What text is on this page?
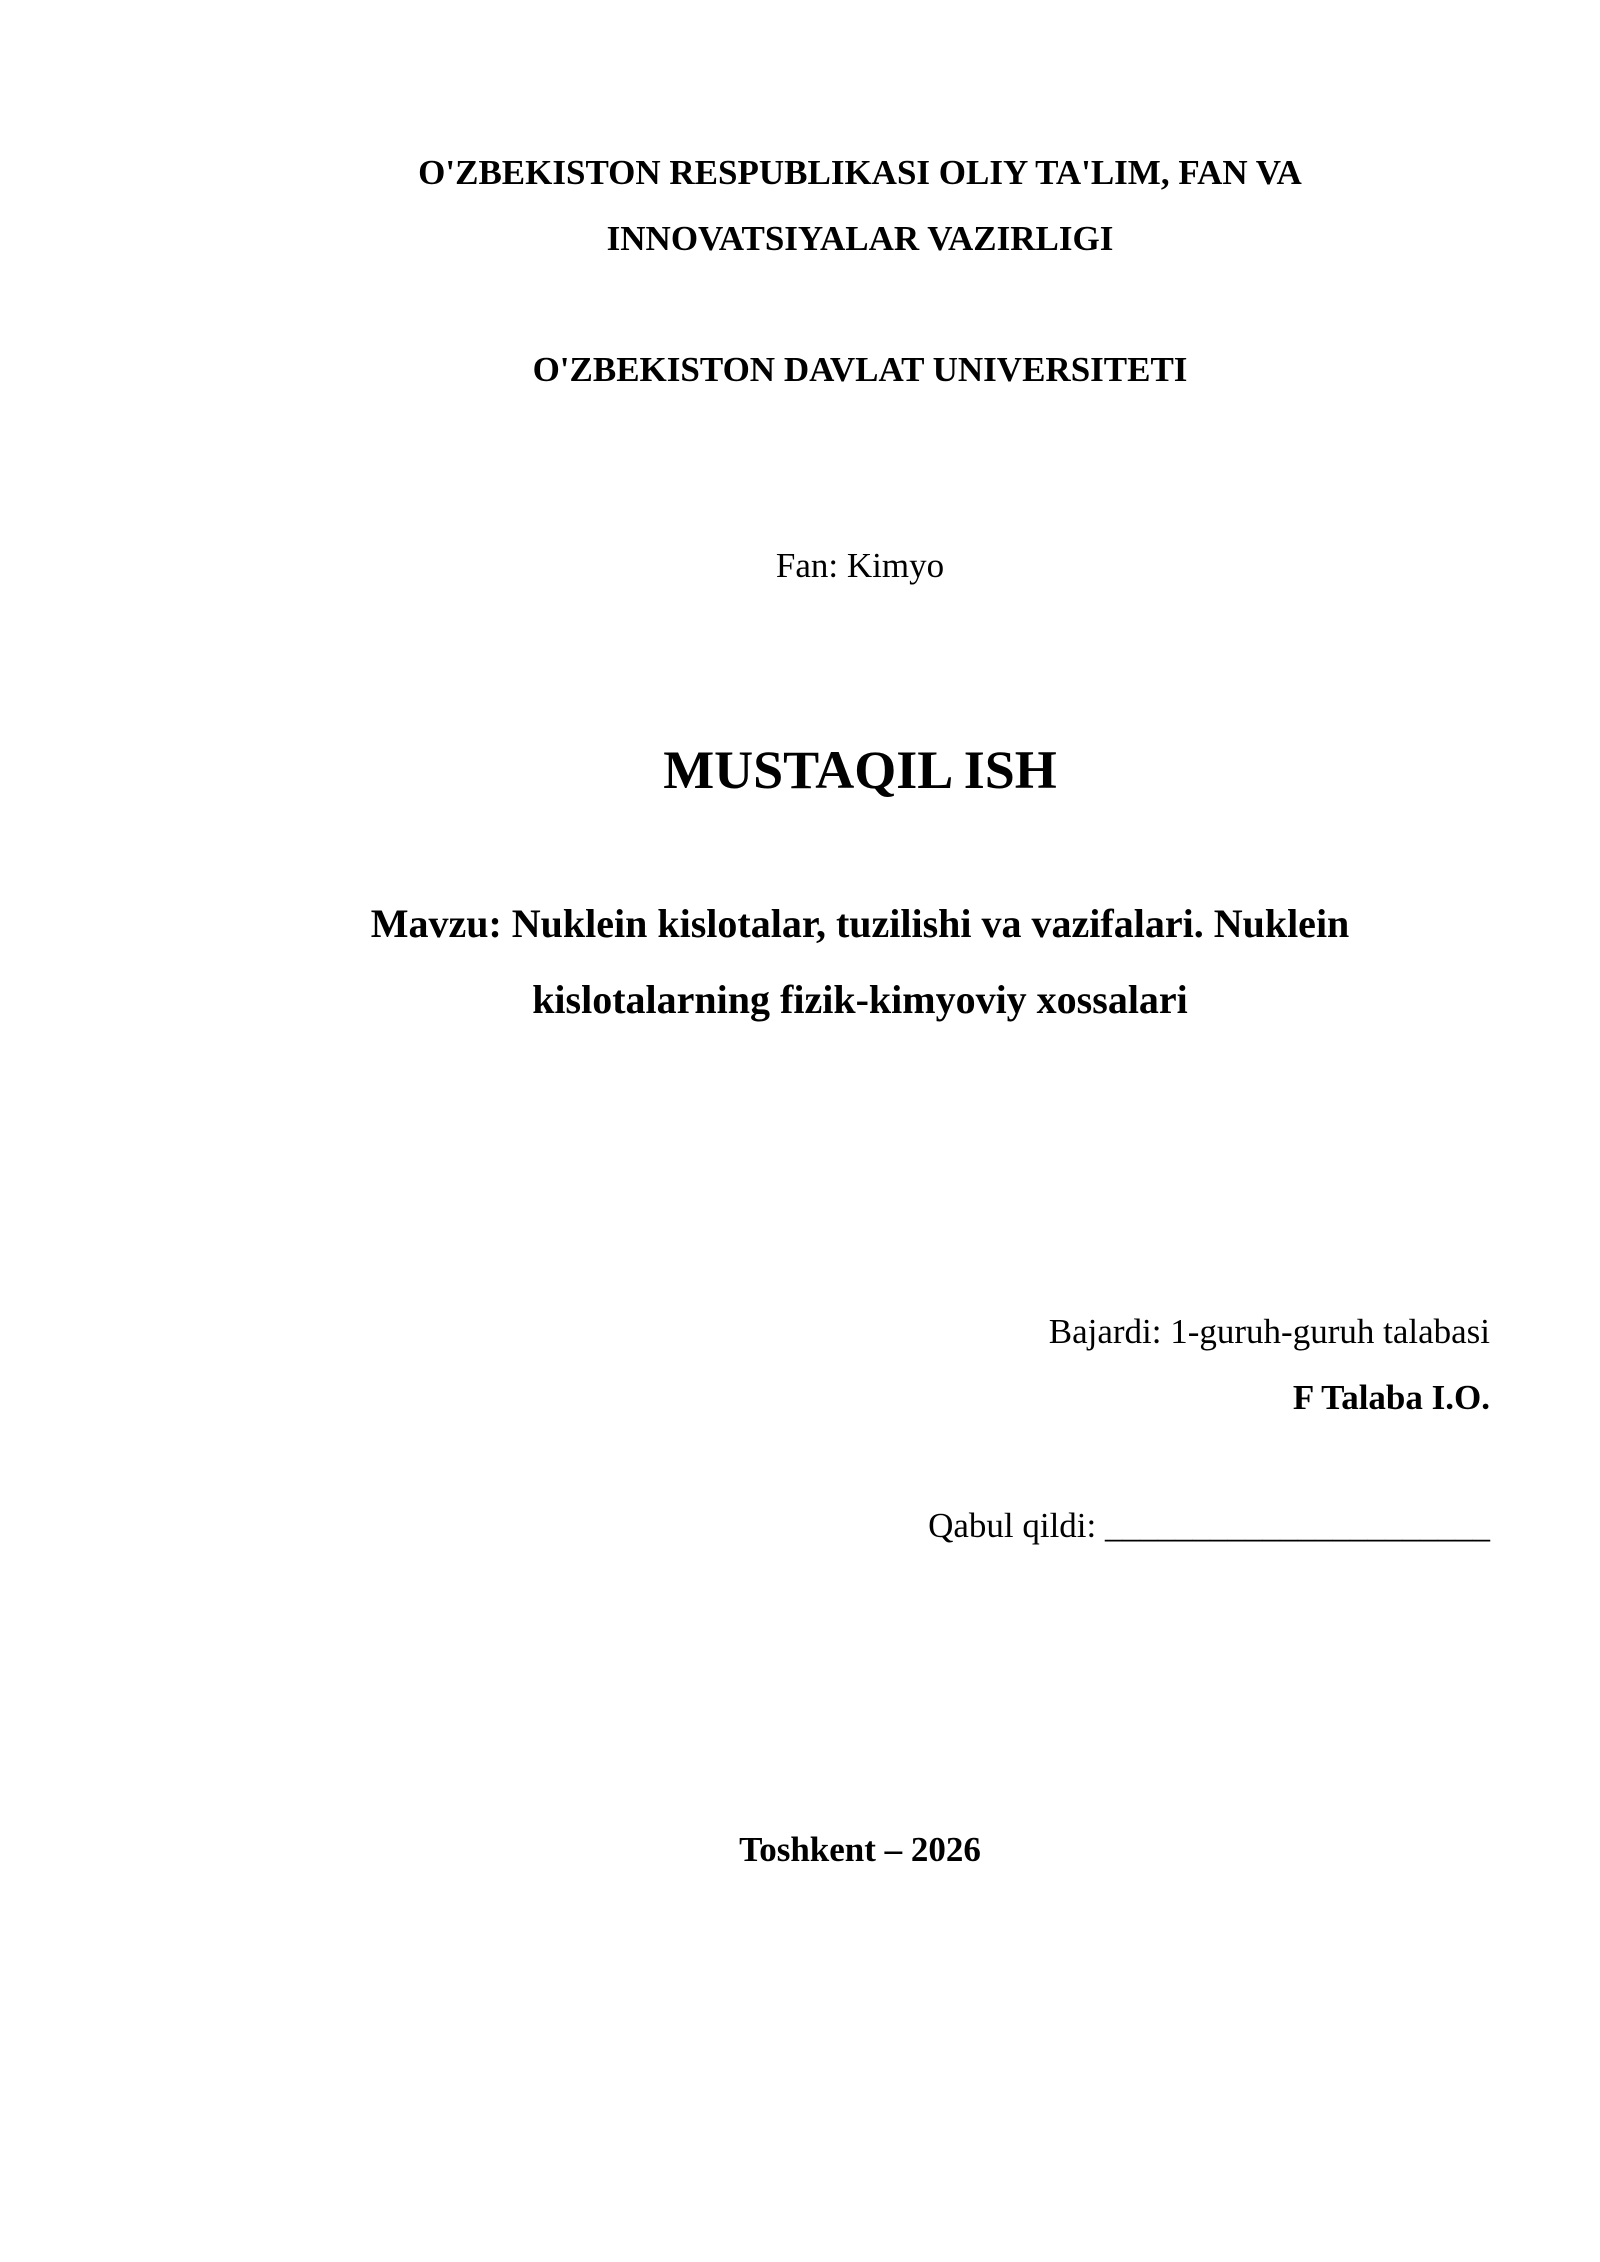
O'ZBEKISTON RESPUBLIKASI OLIY TA'LIM, FAN VA INNOVATSIYALAR VAZIRLIGI
O'ZBEKISTON DAVLAT UNIVERSITETI
Fan: Kimyo
MUSTAQIL ISH
Mavzu: Nuklein kislotalar, tuzilishi va vazifalari. Nuklein kislotalarning fizik-kimyoviy xossalari
Bajardi: 1-guruh-guruh talabasi
F Talaba I.O.
Qabul qildi: ______________________
Toshkent – 2026
